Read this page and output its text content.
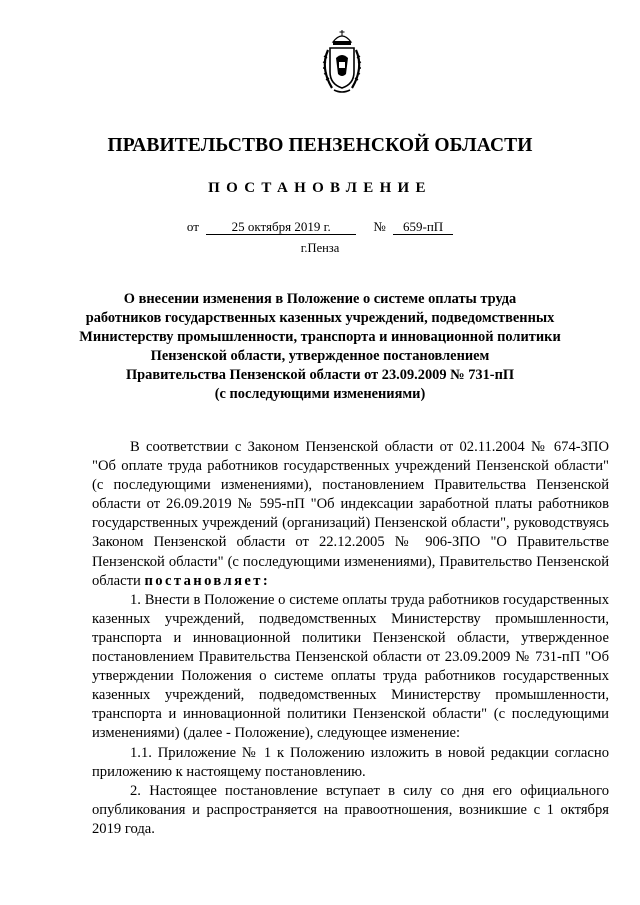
ПРАВИТЕЛЬСТВО ПЕНЗЕНСКОЙ ОБЛАСТИ
ПОСТАНОВЛЕНИЕ
от	25 октября 2019 г.	№ 659-пП
г.Пенза
О внесении изменения в Положение о системе оплаты труда
работников государственных казенных учреждений, подведомственных
Министерству промышленности, транспорта и инновационной политики
Пензенской области, утвержденное постановлением
Правительства Пензенской области от 23.09.2009 № 731-пП
(с последующими изменениями)

В соответствии с Законом Пензенской области от 02.11.2004 № 674-ЗПО "Об оплате труда работников государственных учреждений Пензенской области" (с последующими изменениями), постановлением Правительства Пензенской области от 26.09.2019 № 595-пП "Об индексации заработной платы работников государственных учреждений (организаций) Пензенской области", руководствуясь Законом Пензенской области от 22.12.2005 № 906-ЗПО "О Правительстве Пензенской области" (с последующими изменениями), Правительство Пензенской области постановляет:

1. Внести в Положение о системе оплаты труда работников государственных казенных учреждений, подведомственных Министерству промышленности, транспорта и инновационной политики Пензенской области, утвержденное постановлением Правительства Пензенской области от 23.09.2009 № 731-пП "Об утверждении Положения о системе оплаты труда работников государственных казенных учреждений, подведомственных Министерству промышленности, транспорта и инновационной политики Пензенской области" (с последующими изменениями) (далее - Положение), следующее изменение:

1.1. Приложение № 1 к Положению изложить в новой редакции согласно приложению к настоящему постановлению.

2. Настоящее постановление вступает в силу со дня его официального опубликования и распространяется на правоотношения, возникшие с 1 октября 2019 года.
